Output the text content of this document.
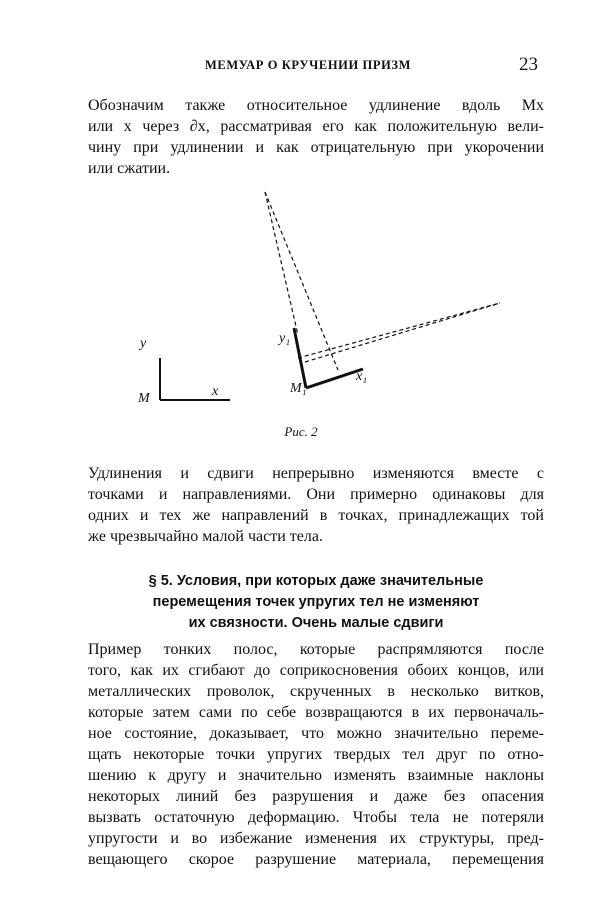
МЕМУАР О КРУЧЕНИИ ПРИЗМ	23
Обозначим также относительное удлинение вдоль Mx
или x через ∂x, рассматривая его как положительную вели-
чину при удлинении и как отрицательную при укорочении
или сжатии.
y
M	x
y₁
M₁
x₁
Рис. 2
Удлинения и сдвиги непрерывно изменяются вместе с
точками и направлениями. Они примерно одинаковы для
одних и тех же направлений в точках, принадлежащих той
же чрезвычайно малой части тела.
§ 5. Условия, при которых даже значительные
перемещения точек упругих тел не изменяют
их связности. Очень малые сдвиги
Пример тонких полос, которые распрямляются после
того, как их сгибают до соприкосновения обоих концов, или
металлических проволок, скрученных в несколько витков,
которые затем сами по себе возвращаются в их первоначаль-
ное состояние, доказывает, что можно значительно переме-
щать некоторые точки упругих твердых тел друг по отно-
шению к другу и значительно изменять взаимные наклоны
некоторых линий без разрушения и даже без опасения
вызвать остаточную деформацию. Чтобы тела не потеряли
упругости и во избежание изменения их структуры, пред-
вещающего скорое разрушение материала, перемещения
